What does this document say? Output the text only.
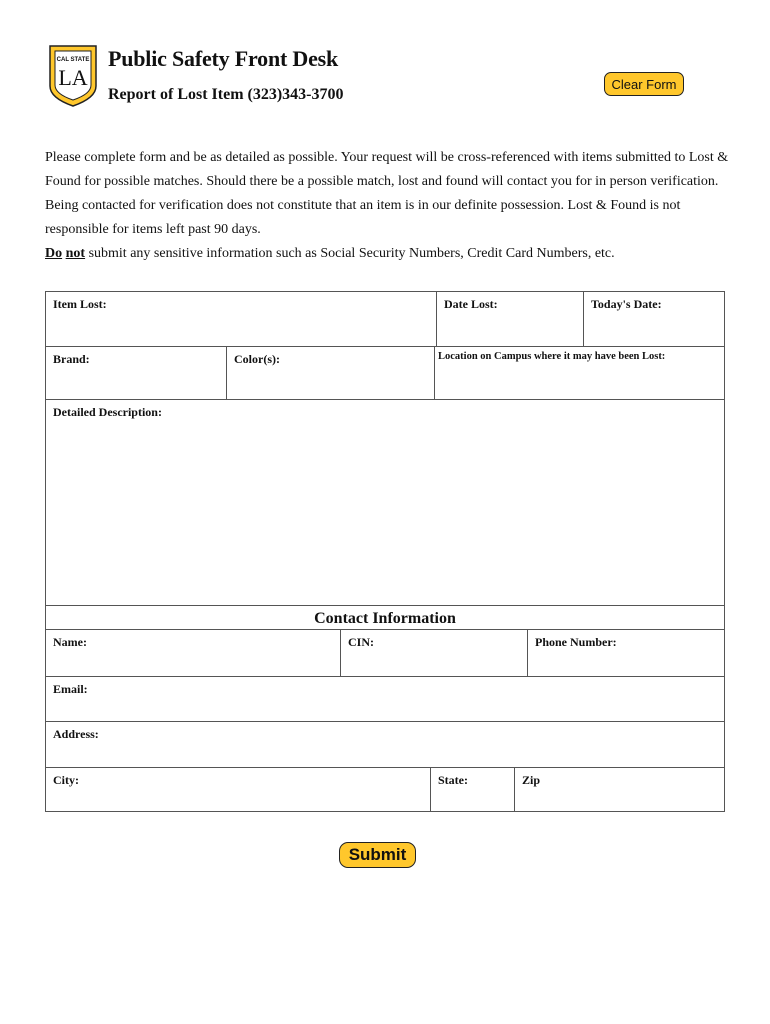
CAL STATE
LA
Public Safety Front Desk
Report of Lost Item (323)343-3700
Clear Form

Please complete form and be as detailed as possible. Your request will be cross-referenced with items submitted to Lost & Found for possible matches. Should there be a possible match, lost and found will contact you for in person verification. Being contacted for verification does not constitute that an item is in our definite possession. Lost & Found is not responsible for items left past 90 days.

Do not submit any sensitive information such as Social Security Numbers, Credit Card Numbers, etc.

Item Lost:	Date Lost:	Today's Date:
Brand:	Color(s):	Location on Campus where it may have been Lost:
Detailed Description:
Contact Information
Name:	CIN:	Phone Number:
Email:
Address:
City:	State:	Zip
Submit
